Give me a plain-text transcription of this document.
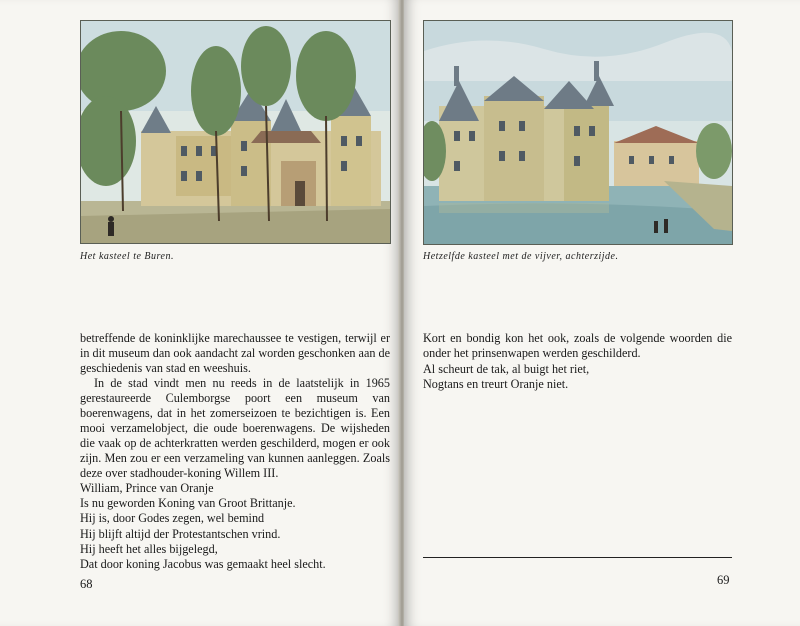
Het kasteel te Buren.

betreffende de koninklijke marechaussee te vestigen, terwijl er in dit museum dan ook aandacht zal worden geschonken aan de geschiedenis van stad en weeshuis.

In de stad vindt men nu reeds in de laatstelijk in 1965 gerestaureerde Culemborgse poort een museum van boerenwagens, dat in het zomerseizoen te bezichtigen is. Een mooi verzamelobject, die oude boerenwagens. De wijsheden die vaak op de achterkratten werden geschilderd, mogen er ook zijn. Men zou er een verzameling van kunnen aanleggen. Zoals deze over stadhouder-koning Willem III.

William, Prince van Oranje
Is nu geworden Koning van Groot Brittanje.
Hij is, door Godes zegen, wel bemind
Hij blijft altijd der Protestantschen vrind.
Hij heeft het alles bijgelegd,
Dat door koning Jacobus was gemaakt heel slecht.
68
Hetzelfde kasteel met de vijver, achterzijde.

Kort en bondig kon het ook, zoals de volgende woorden die onder het prinsenwapen werden geschilderd.

Al scheurt de tak, al buigt het riet,
Nogtans en treurt Oranje niet.
69
